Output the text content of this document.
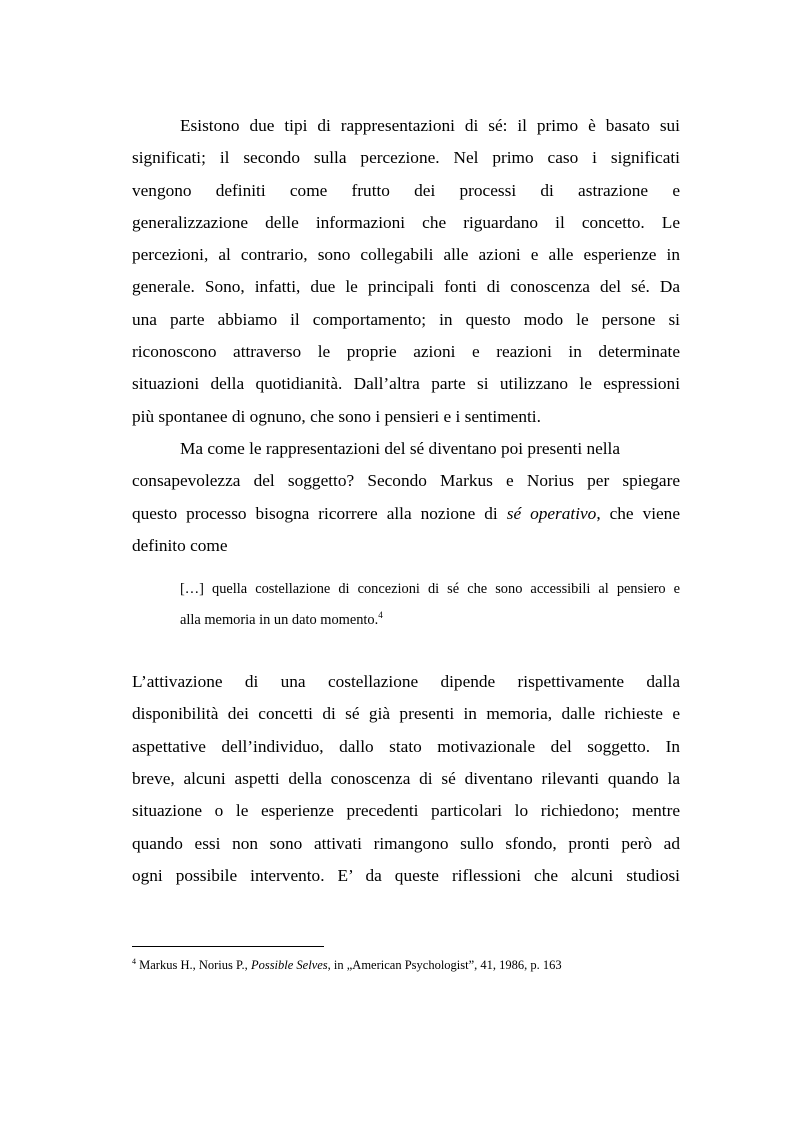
Esistono due tipi di rappresentazioni di sé: il primo è basato sui
significati; il secondo sulla percezione. Nel primo caso i significati
vengono definiti come frutto dei processi di astrazione e
generalizzazione delle informazioni che riguardano il concetto. Le
percezioni, al contrario, sono collegabili alle azioni e alle esperienze in
generale. Sono, infatti, due le principali fonti di conoscenza del sé. Da
una parte abbiamo il comportamento; in questo modo le persone si
riconoscono attraverso le proprie azioni e reazioni in determinate
situazioni della quotidianità. Dall’altra parte si utilizzano le espressioni
più spontanee di ognuno, che sono i pensieri e i sentimenti.
Ma come le rappresentazioni del sé diventano poi presenti nella
consapevolezza del soggetto? Secondo Markus e Norius per spiegare
questo processo bisogna ricorrere alla nozione di sé operativo, che viene
definito come
[…] quella costellazione di concezioni di sé che sono accessibili al pensiero e
alla memoria in un dato momento.$^4$
L’attivazione di una costellazione dipende rispettivamente dalla
disponibilità dei concetti di sé già presenti in memoria, dalle richieste e
aspettative dell’individuo, dallo stato motivazionale del soggetto. In
breve, alcuni aspetti della conoscenza di sé diventano rilevanti quando la
situazione o le esperienze precedenti particolari lo richiedono; mentre
quando essi non sono attivati rimangono sullo sfondo, pronti però ad
ogni possibile intervento. E’ da queste riflessioni che alcuni studiosi
$^4$ Markus H., Norius P., Possible Selves, in „American Psychologist”, 41, 1986, p. 163
